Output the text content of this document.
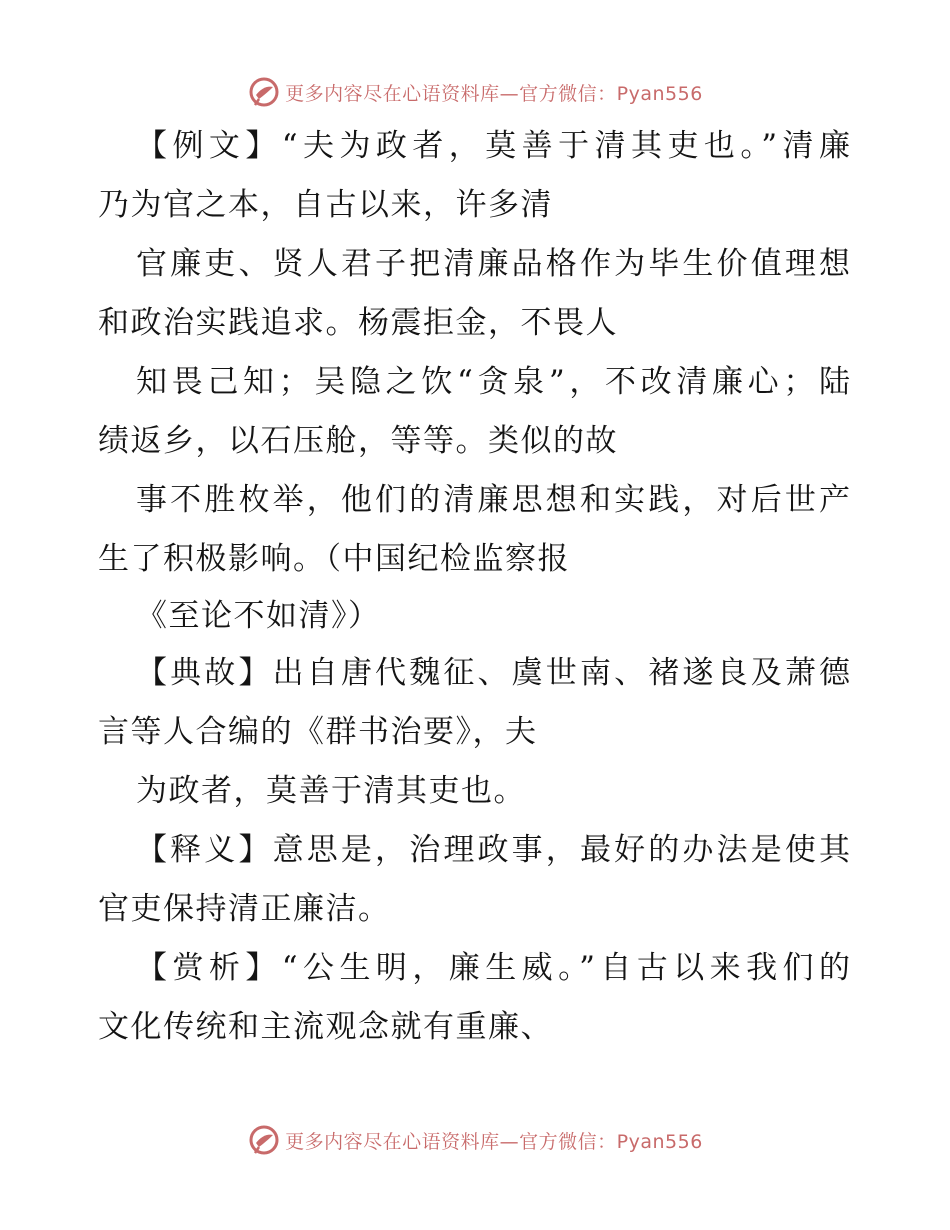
更多内容尽在心语资料库—官方微信：Pyan556
【例文】“夫为政者，莫善于清其吏也。”清廉
乃为官之本，自古以来，许多清
官廉吏、贤人君子把清廉品格作为毕生价值理想
和政治实践追求。杨震拒金，不畏人
知畏己知；吴隐之饮“贪泉”，不改清廉心；陆
绩返乡，以石压舱，等等。类似的故
事不胜枚举，他们的清廉思想和实践，对后世产
生了积极影响。（中国纪检监察报
《至论不如清》）
【典故】出自唐代魏征、虞世南、褚遂良及萧德
言等人合编的《群书治要》，夫
为政者，莫善于清其吏也。
【释义】意思是，治理政事，最好的办法是使其
官吏保持清正廉洁。
【赏析】“公生明，廉生威。”自古以来我们的
文化传统和主流观念就有重廉、
更多内容尽在心语资料库—官方微信：Pyan556
